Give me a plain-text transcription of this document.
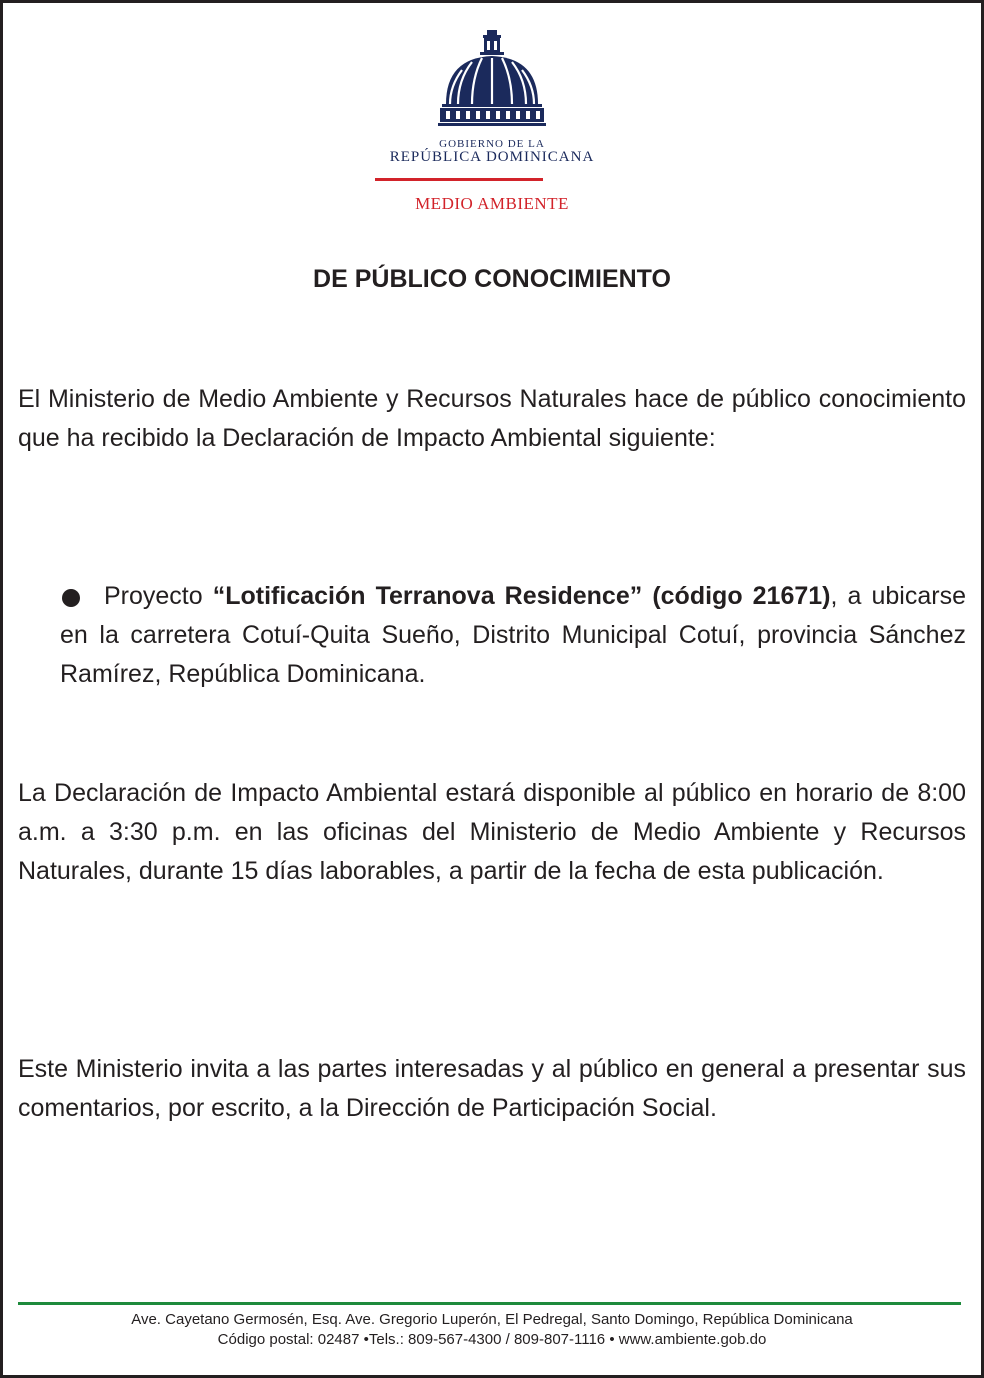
GOBIERNO DE LA
REPÚBLICA DOMINICANA
MEDIO AMBIENTE
DE PÚBLICO CONOCIMIENTO

El Ministerio de Medio Ambiente y Recursos Naturales hace de público conocimiento que ha recibido la Declaración de Impacto Ambiental siguiente:

Proyecto “Lotificación Terranova Residence” (código 21671), a ubicarse en la carretera Cotuí-Quita Sueño, Distrito Municipal Cotuí, provincia Sánchez Ramírez, República Dominicana.

La Declaración de Impacto Ambiental estará disponible al público en horario de 8:00 a.m. a 3:30 p.m. en las oficinas del Ministerio de Medio Ambiente y Recursos Naturales, durante 15 días laborables, a partir de la fecha de esta publicación.

Este Ministerio invita a las partes interesadas y al público en general a presentar sus comentarios, por escrito, a la Dirección de Participación Social.

Ave. Cayetano Germosén, Esq. Ave. Gregorio Luperón, El Pedregal, Santo Domingo, República Dominicana
Código postal: 02487 •Tels.: 809-567-4300 / 809-807-1116 • www.ambiente.gob.do
